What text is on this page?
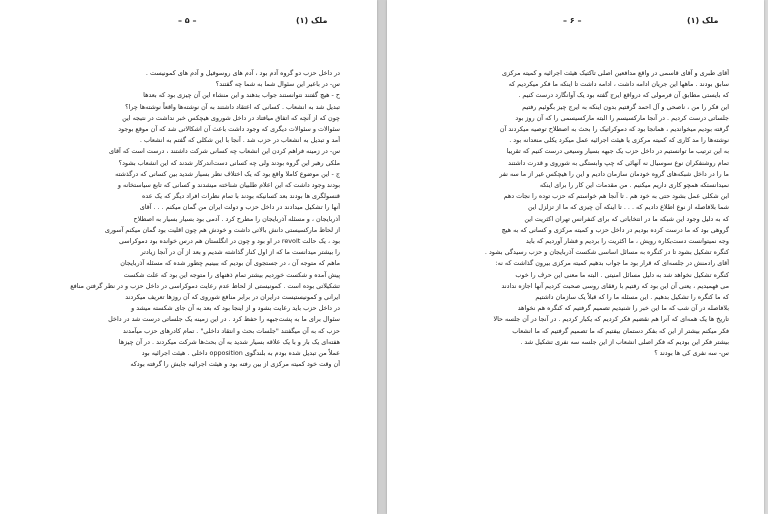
– ۵ –	ملک (۱)
در داخل حزب دو گروه آدم بود ، آدم های روسوفیل و آدم های کمونیست .
س- در باعیر این سئوال شما به شما چه گفتند؟
ح - هیچ گفتند نتوانستند جواب بدهند و این منشاء این آن چیزی بود که بعدها
تبدیل شد به انشعاب . کسانی که اعتقاد داشتند به آن نوشته‌ها واقعاً نوشته‌ها چرا؟
چون که از آنچه که اتفاق میافتاد در داخل شوروی هیچکس خبر نداشت در نتیجه این
سئوالات و سئوالات دیگری که وجود داشت باعث آن اشکالاتی شد که آن موقع بوجود
آمد و تبدیل به انشعاب در حزب شد . آنجا با این شکلی که گفتم به انشعاب .
س- در زمینه فراهم کردن این انشعاب چه کسانی شرکت داشتند ، درست است که آقای
ملکی رهبر این گروه بودند ولی چه کسانی دست‌اندرکار شدند که این انشعاب بشود؟
ج - این موضوع کاملا واقع بود که یک اختلاف نظر بسیار شدید بین کسانی که درگذشته
بودند وجود داشت که این اعلام طلبیان شناخته میشدند و کسانی که تابع سیاستخانه و
قنسولگری ها بودند بعد کسانیکه بودند با تمام نظرات افراد دیگر که یک عده
آنها را تشکیل میدادند در داخل حزب و دولت ایران من گمان میکنم . . . آقای
آذربایجان ، و مسئله آذربایجان را مطرح کرد . آدمی بود بسیار بسیار به اصطلاح
از لحاظ مارکسیستی دانش بالاتی داشت و خودش هم چون اقلیت بود گمان میکنم آسوری
بود ، یک حالت revolt در او بود و چون در انگلستان هم درس خوانده بود دموکراسی
را بیشتر میدانست ما که از اول کنار گذاشته شدیم و بعد از آن در آنجا زیادتر
ماهم که متوجه آن ، در جستجوی آن بودیم که ببینیم چطور شده که مسئله آذربایجان
پیش آمده و شکست خوردیم بیشتر تمام ذهنهای را متوجه این بود که علت شکست
تشکیلاتی بوده است . کمونیستی از لحاظ عدم رعایت دموکراسی در داخل حزب و در نظر گرفتن منافع
ایرانی و کمونیستیست درایران در برابر منافع شوروی که آن روزها تعریف میکردند
در داخل حزب باید رعایت بشود و از اینجا بود که بعد به آن جای شکسته میشد و
سئوال برای ما به پشت‌جبهه را حفظ کرد . در این زمینه یک جلساتی درست شد در داخل
حزب که به آن میگفتند "جلسات بحث و انتقاد داخلی" . تمام کادرهای حزب میآمدند
هفته‌ای یک بار و با یک علاقه بسیار شدید به آن بحث‌ها شرکت میکردند . در آن چیزها
عملاً من تبدیل شده بودم به بلندگوی opposition داخلی . هیئت اجرائیه بود
آن وقت خود کمیته مرکزی از بین رفته بود و هیئت اجرائیه جایش را گرفته بودکه
– ۶ –	ملک (۱)
آقای طبری و آقای قاسمی در واقع مدافعین اصلی تاکتیک هیئت اجرائیه و کمیته مرکزی
سابق بودند . ماهها این جریان ادامه داشت ، ادامه داشت تا اینکه ما فکر میکردیم که
که بایستی مطابق آن فرمولی که درواقع ایرج گفته بود یک آوانگارد درست کنیم .
این فکر را من ، ناصحی و آل احمد گرفتیم بدون اینکه به ایرج چیز بگوئیم رفتیم
جلساتی درست کردیم . در آنجا مارکسیسم را البته مارکسیسمی را که آن روز بود
گرفته بودیم میخواندیم ، همانجا بود که دموکراتیک را بحث به اصطلاح توصیه میکردند آن
نوشته‌ها را مد کاری که کمیته مرکزی یا هیئت اجرائیه عمل میکرد یکلی منعدانه بود .
به این ترتیب ما توانستیم در داخل حزب یک جبهه بسیار وسیعی درست کنیم که تقریبا
تمام روشنفکران نوع سوسیال نه آنهائی که چپ وابستگی به شوروی و قدرت داشتند
ما را در داخل شبکه‌های گروه خودمان سازمان دادیم و این را هیچکس غیر از ما سه نفر
نمیدانستکه همچو کاری داریم میکنیم . من مقدمات این کار را برای اینکه
این شکلی عمل بشود حتی به خود هم . تا آنجا هم خواستم که حزب توده را نجات دهم
شما بلافاصله از نوع اطلاع دادیم که . . . تا اینکه آن چیزی که ما از تزلزل این
که به دلیل وجود این شبکه ما در انتخاباتی که برای کنفرانس تهران اکثریت این
گروهی بود که ما درست کرده بودیم در داخل حزب و کمیته مرکزی و کسانی که به هیچ
وجه نمیتوانست دست‌بکاره رویش ، ما اکثریت را بردیم و فشار آوردیم که باید
کنگره تشکیل بشود تا در کنگره به مسائل اساسی شکست آذربایجان و حزب رسیدگی بشود .
آقای رادمنش در جلسه‌ای که قرار بود ما جواب بدهیم کمیته مرکزی بیرون گذاشت که نه:
کنگره تشکیل نخواهد شد به دلیل مسائل امنیتی . البته ما معنی این حرف را خوب
می فهمیدیم ، یعنی آن این بود که رفتیم با رفقای روسی صحبت کردیم آنها اجازه ندادند
که ما کنگره را تشکیل بدهیم . این مسئله ما را که قبلاً یک سازمان داشتیم
بلافاصله در آن شب که ما این خبر را شنیدیم تصمیم گرفتیم که کنگره هم نخواهد
تاریخ ها یک همه‌ای که آنرا هم نقضیم فکر کردیم که یکبار کردیم . در آنجا در آن جلسه حالا
فکر میکنم بیشتر از این که بفکر دستمان بیفتیم که ما تصمیم گرفتیم که ما انشعاب
بیشتر فکر این بودیم که فکر اصلی انشعاب از این جلسه سه نفری تشکیل شد .
س- سه نفری کی ها بودند ؟
